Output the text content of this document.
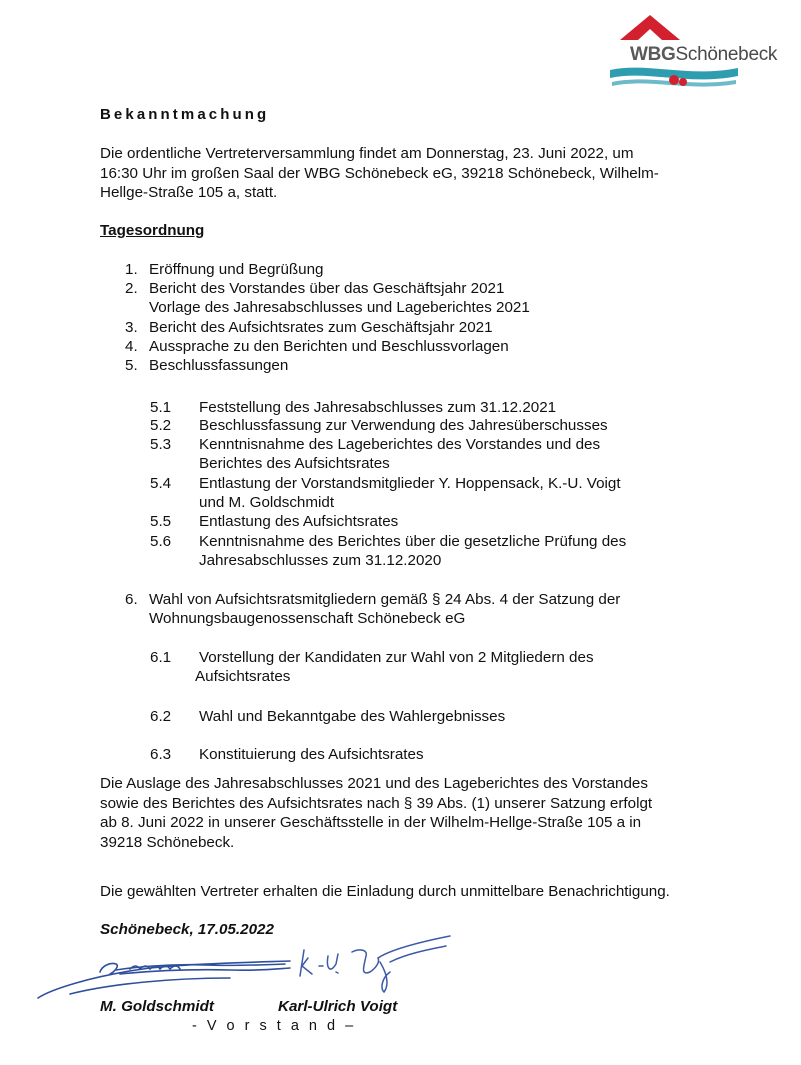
WBGSchönebeck
Bekanntmachung
Die ordentliche Vertreterversammlung findet am Donnerstag, 23. Juni 2022, um
16:30 Uhr im großen Saal der WBG Schönebeck eG, 39218 Schönebeck, Wilhelm-
Hellge-Straße 105 a, statt.
Tagesordnung
1. Eröffnung und Begrüßung
2. Bericht des Vorstandes über das Geschäftsjahr 2021
Vorlage des Jahresabschlusses und Lageberichtes 2021
3. Bericht des Aufsichtsrates zum Geschäftsjahr 2021
4. Aussprache zu den Berichten und Beschlussvorlagen
5. Beschlussfassungen
5.1 Feststellung des Jahresabschlusses zum 31.12.2021
5.2 Beschlussfassung zur Verwendung des Jahresüberschusses
5.3 Kenntnisnahme des Lageberichtes des Vorstandes und des
Berichtes des Aufsichtsrates
5.4 Entlastung der Vorstandsmitglieder Y. Hoppensack, K.-U. Voigt
und M. Goldschmidt
5.5 Entlastung des Aufsichtsrates
5.6 Kenntnisnahme des Berichtes über die gesetzliche Prüfung des
Jahresabschlusses zum 31.12.2020
6. Wahl von Aufsichtsratsmitgliedern gemäß § 24 Abs. 4 der Satzung der
Wohnungsbaugenossenschaft Schönebeck eG
6.1 Vorstellung der Kandidaten zur Wahl von 2 Mitgliedern des
Aufsichtsrates
6.2 Wahl und Bekanntgabe des Wahlergebnisses
6.3 Konstituierung des Aufsichtsrates
Die Auslage des Jahresabschlusses 2021 und des Lageberichtes des Vorstandes
sowie des Berichtes des Aufsichtsrates nach § 39 Abs. (1) unserer Satzung erfolgt
ab 8. Juni 2022 in unserer Geschäftsstelle in der Wilhelm-Hellge-Straße 105 a in
39218 Schönebeck.
Die gewählten Vertreter erhalten die Einladung durch unmittelbare Benachrichtigung.
Schönebeck, 17.05.2022
M. Goldschmidt	Karl-Ulrich Voigt
- V o r s t a n d –
